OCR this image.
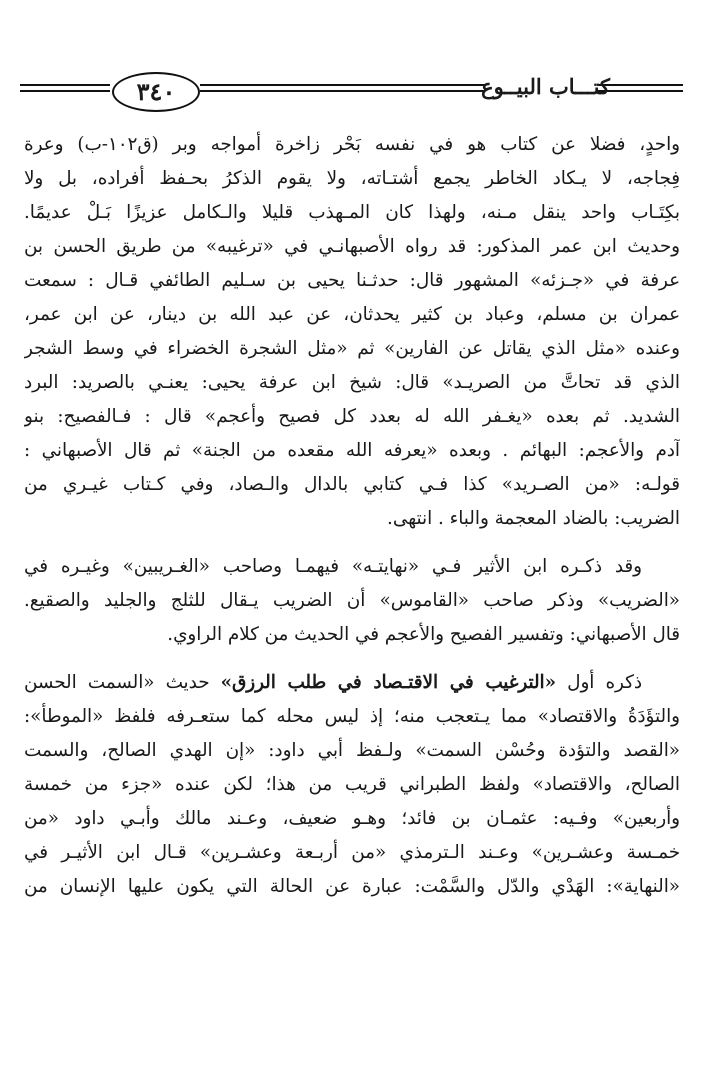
كتـــاب البيــوع
٣٤٠
واحدٍ، فضلا عن كتاب هو في نفسه بَحْر زاخرة أمواجه وبر (ق١٠٢-ب) وعرة
فِجاجه، لا يـكاد الخاطر يجمع أشتـاته، ولا يقوم الذكرُ بحـفظ أفراده، بل ولا
بكِتَـاب واحد ينقل مـنه، ولهذا كان المـهذب قليلا والـكامل عزيزًا بَـلْ عديمًا.
وحديث ابن عمر المذكور: قد رواه الأصبهانـي في «ترغيبه» من طريق الحسن بن
عرفة في «جـزئه» المشهور قال: حدثـنا يحيى بن سـليم الطائفي قـال : سمعت
عمران بن مسلم، وعباد بن كثير يحدثان، عن عبد الله بن دينار، عن ابن عمر،
وعنده «مثل الذي يقاتل عن الفارين» ثم «مثل الشجرة الخضراء في وسط الشجر
الذي قد تحاتَّ من الصريـد» قال: شيخ ابن عرفة يحيى: يعنـي بالصريد: البرد
الشديد. ثم بعده «يغـفر الله له بعدد كل فصيح وأعجم» قال : فـالفصيح: بنو
آدم والأعجم: البهائم . وبعده «يعرفه الله مقعده من الجنة» ثم قال الأصبهاني :
قولـه: «من الصـريد» كذا فـي كتابي بالدال والـصاد، وفي كـتاب غيـري من
الضريب: بالضاد المعجمة والباء . انتهى.
وقد ذكـره ابن الأثير فـي «نهايتـه» فيهمـا وصاحب «الغـريبين» وغيـره في
«الضريب» وذكر صاحب «القاموس» أن الضريب يـقال للثلج والجليد والصقيع.
قال الأصبهاني: وتفسير الفصيح والأعجم في الحديث من كلام الراوي.
ذكره أول «الترغيب في الاقتـصاد في طلب الرزق» حديث «السمت الحسن
والتؤَدَةُ والاقتصاد» مما يـتعجب منه؛ إذ ليس محله كما ستعـرفه فلفظ «الموطأ»:
«القصد والتؤدة وحُسْن السمت» ولـفظ أبي داود: «إن الهدي الصالح، والسمت
الصالح، والاقتصاد» ولفظ الطبراني قريب من هذا؛ لكن عنده «جزء من خمسة
وأربعين» وفـيه: عثمـان بن فائد؛ وهـو ضعيف، وعـند مالك وأبـي داود «من
خمـسة وعشـرين» وعـند الـترمذي «من أربـعة وعشـرين» قـال ابن الأثيـر في
«النهاية»: الهَدْي والدّل والسَّمْت: عبارة عن الحالة التي يكون عليها الإنسان من
